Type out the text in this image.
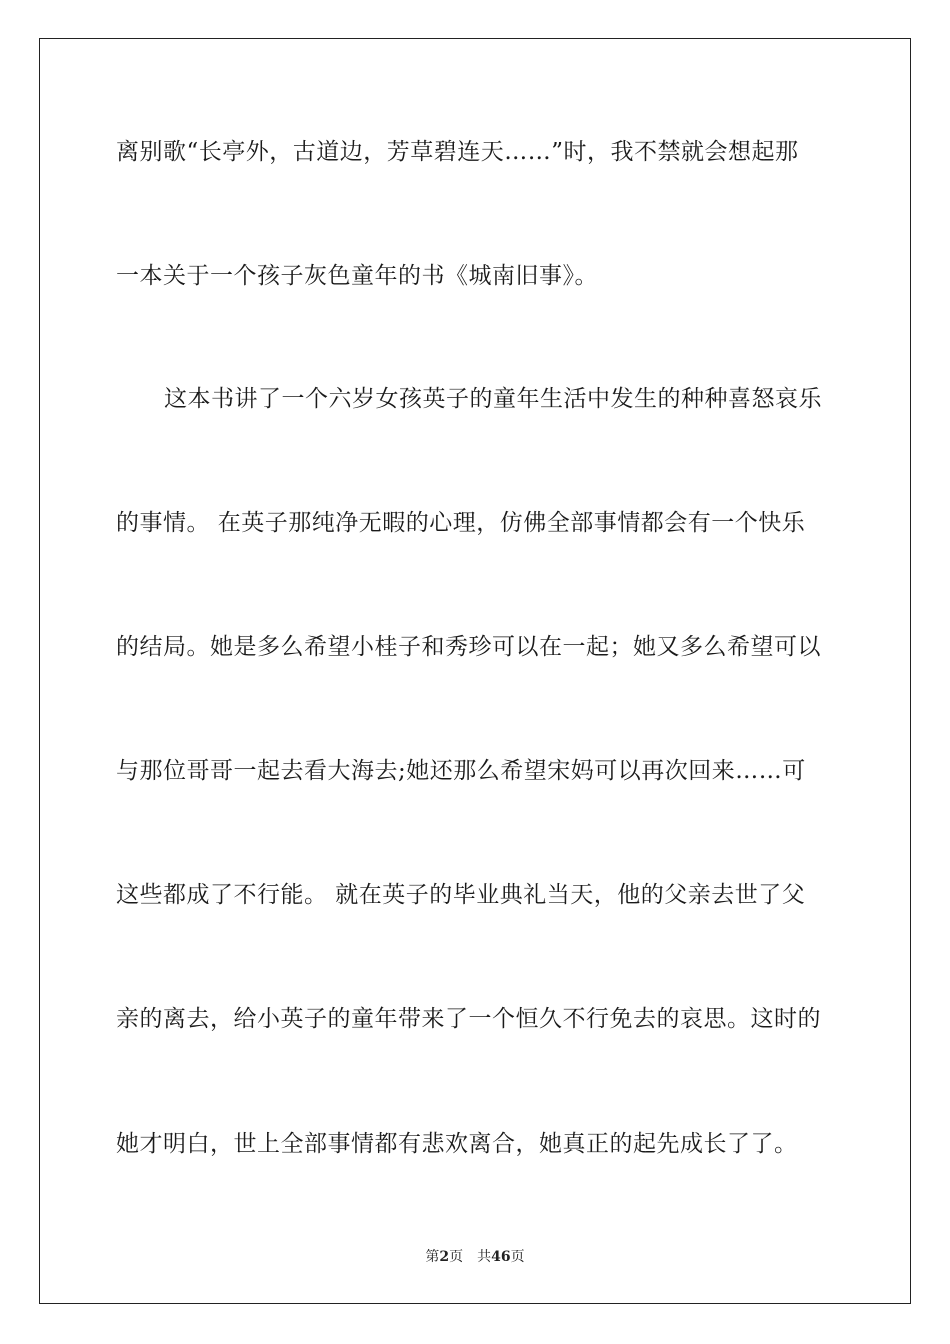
离别歌“长亭外，古道边，芳草碧连天……”时，我不禁就会想起那
一本关于一个孩子灰色童年的书《城南旧事》。
这本书讲了一个六岁女孩英子的童年生活中发生的种种喜怒哀乐
的事情。 在英子那纯净无暇的心理，仿佛全部事情都会有一个快乐
的结局。她是多么希望小桂子和秀珍可以在一起；她又多么希望可以
与那位哥哥一起去看大海去;她还那么希望宋妈可以再次回来……可
这些都成了不行能。 就在英子的毕业典礼当天，他的父亲去世了父
亲的离去，给小英子的童年带来了一个恒久不行免去的哀思。这时的
她才明白，世上全部事情都有悲欢离合，她真正的起先成长了了。
第2页 共46页
